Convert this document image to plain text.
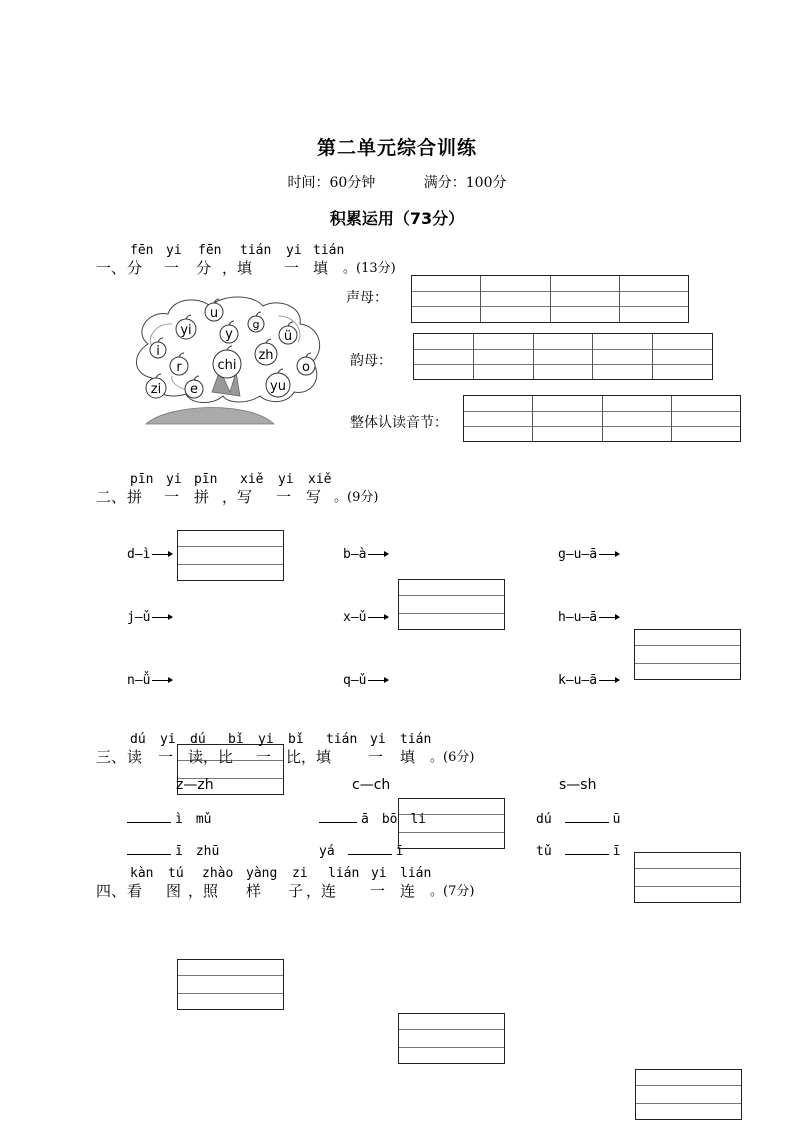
第二单元综合训练
时间：60分钟	满分：100分
积累运用（73分）
fēn yi fēn tián yi tián
一、 分 一 分 ，填 一 填 。(13分)
u
yi	g
y	ü
i	zh
r	chi	o
zi e	yu
声母：
韵母：
整体认读音节：
pīn yi pīn xiě yi xiě
二、 拼 一 拼 ，写 一 写 。(9分)
d—ì	b—à	g—u—ā
j—ǔ	x—ǔ	h—u—ā
n—ǚ	q—ǔ	k—u—ā
dú yi dú bǐ yi bǐ tián yi tián
三、 读 一 读，比 一 比，填 一 填 。(6分)
z—zh	c—ch	s—sh
ì　mǔ	ā　bō　li	dú　	ū
ī　zhū	yá　	ī	tǔ　	ī
kàn tú zhào yàng zi lián yi lián
四、 看 图 ，照 样 子 ，连 一 连 。(7分)
